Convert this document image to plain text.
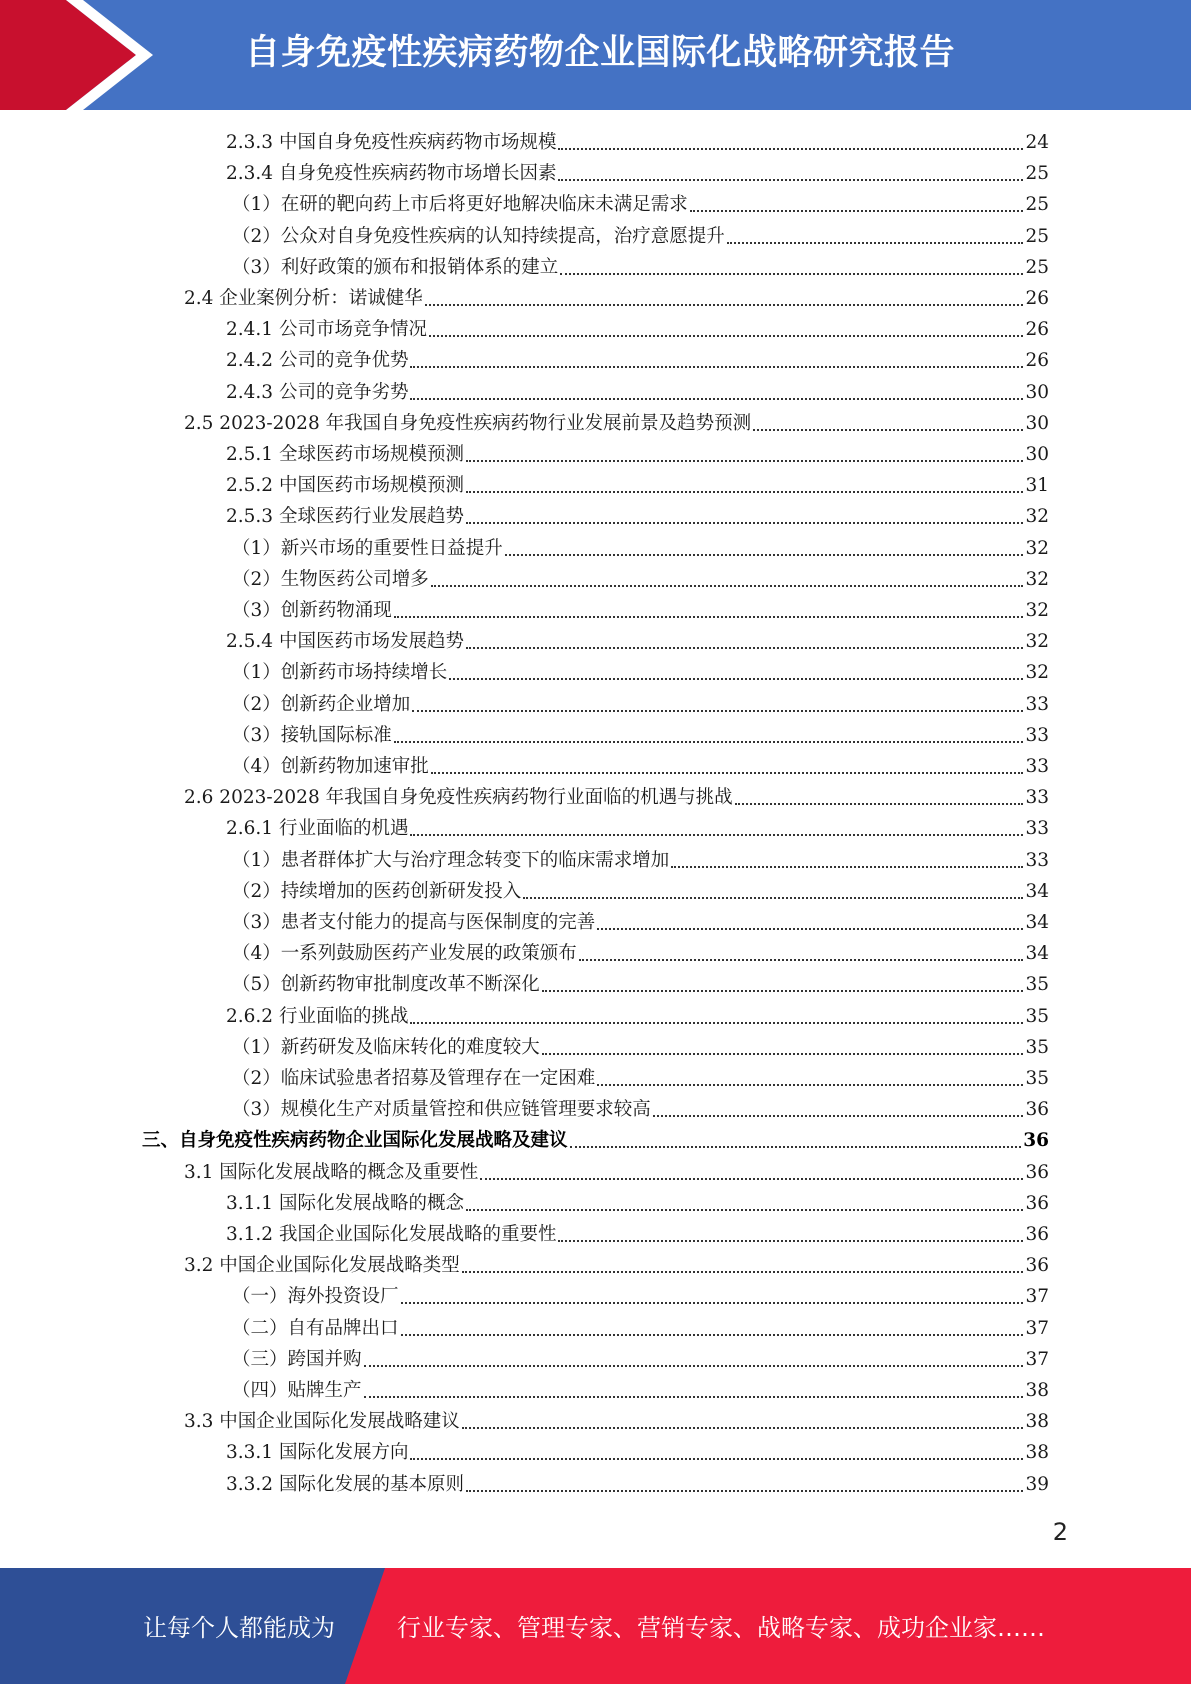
自身免疫性疾病药物企业国际化战略研究报告
2.3.3 中国自身免疫性疾病药物市场规模	24
2.3.4 自身免疫性疾病药物市场增长因素	25
（1）在研的靶向药上市后将更好地解决临床未满足需求	25
（2）公众对自身免疫性疾病的认知持续提高，治疗意愿提升	25
（3）利好政策的颁布和报销体系的建立	25
2.4 企业案例分析：诺诚健华	26
2.4.1 公司市场竞争情况	26
2.4.2 公司的竞争优势	26
2.4.3 公司的竞争劣势	30
2.5 2023-2028 年我国自身免疫性疾病药物行业发展前景及趋势预测	30
2.5.1 全球医药市场规模预测	30
2.5.2 中国医药市场规模预测	31
2.5.3 全球医药行业发展趋势	32
（1）新兴市场的重要性日益提升	32
（2）生物医药公司增多	32
（3）创新药物涌现	32
2.5.4 中国医药市场发展趋势	32
（1）创新药市场持续增长	32
（2）创新药企业增加	33
（3）接轨国际标准	33
（4）创新药物加速审批	33
2.6 2023-2028 年我国自身免疫性疾病药物行业面临的机遇与挑战	33
2.6.1 行业面临的机遇	33
（1）患者群体扩大与治疗理念转变下的临床需求增加	33
（2）持续增加的医药创新研发投入	34
（3）患者支付能力的提高与医保制度的完善	34
（4）一系列鼓励医药产业发展的政策颁布	34
（5）创新药物审批制度改革不断深化	35
2.6.2 行业面临的挑战	35
（1）新药研发及临床转化的难度较大	35
（2）临床试验患者招募及管理存在一定困难	35
（3）规模化生产对质量管控和供应链管理要求较高	36
三、自身免疫性疾病药物企业国际化发展战略及建议	36
3.1 国际化发展战略的概念及重要性	36
3.1.1 国际化发展战略的概念	36
3.1.2 我国企业国际化发展战略的重要性	36
3.2 中国企业国际化发展战略类型	36
（一）海外投资设厂	37
（二）自有品牌出口	37
（三）跨国并购	37
（四）贴牌生产	38
3.3 中国企业国际化发展战略建议	38
3.3.1 国际化发展方向	38
3.3.2 国际化发展的基本原则	39
2
让每个人都能成为	行业专家、管理专家、营销专家、战略专家、成功企业家……
